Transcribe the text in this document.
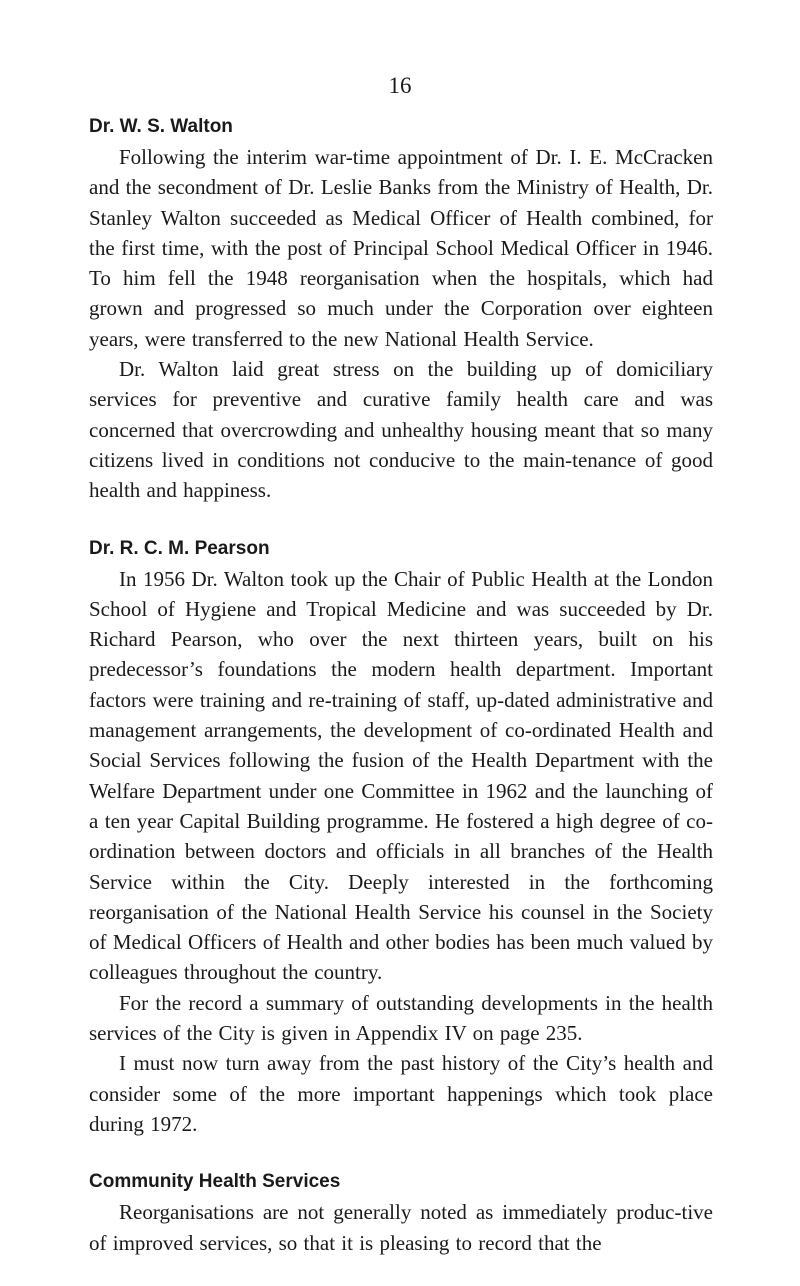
16
Dr. W. S. Walton

Following the interim war-time appointment of Dr. I. E. McCracken and the secondment of Dr. Leslie Banks from the Ministry of Health, Dr. Stanley Walton succeeded as Medical Officer of Health combined, for the first time, with the post of Principal School Medical Officer in 1946. To him fell the 1948 reorganisation when the hospitals, which had grown and progressed so much under the Corporation over eighteen years, were transferred to the new National Health Service.

Dr. Walton laid great stress on the building up of domiciliary services for preventive and curative family health care and was concerned that overcrowding and unhealthy housing meant that so many citizens lived in conditions not conducive to the main-tenance of good health and happiness.

Dr. R. C. M. Pearson

In 1956 Dr. Walton took up the Chair of Public Health at the London School of Hygiene and Tropical Medicine and was succeeded by Dr. Richard Pearson, who over the next thirteen years, built on his predecessor’s foundations the modern health department. Important factors were training and re-training of staff, up-dated administrative and management arrangements, the development of co-ordinated Health and Social Services following the fusion of the Health Department with the Welfare Department under one Committee in 1962 and the launching of a ten year Capital Building programme. He fostered a high degree of co-ordination between doctors and officials in all branches of the Health Service within the City. Deeply interested in the forthcoming reorganisation of the National Health Service his counsel in the Society of Medical Officers of Health and other bodies has been much valued by colleagues throughout the country.

For the record a summary of outstanding developments in the health services of the City is given in Appendix IV on page 235.

I must now turn away from the past history of the City’s health and consider some of the more important happenings which took place during 1972.

Community Health Services

Reorganisations are not generally noted as immediately produc-tive of improved services, so that it is pleasing to record that the
